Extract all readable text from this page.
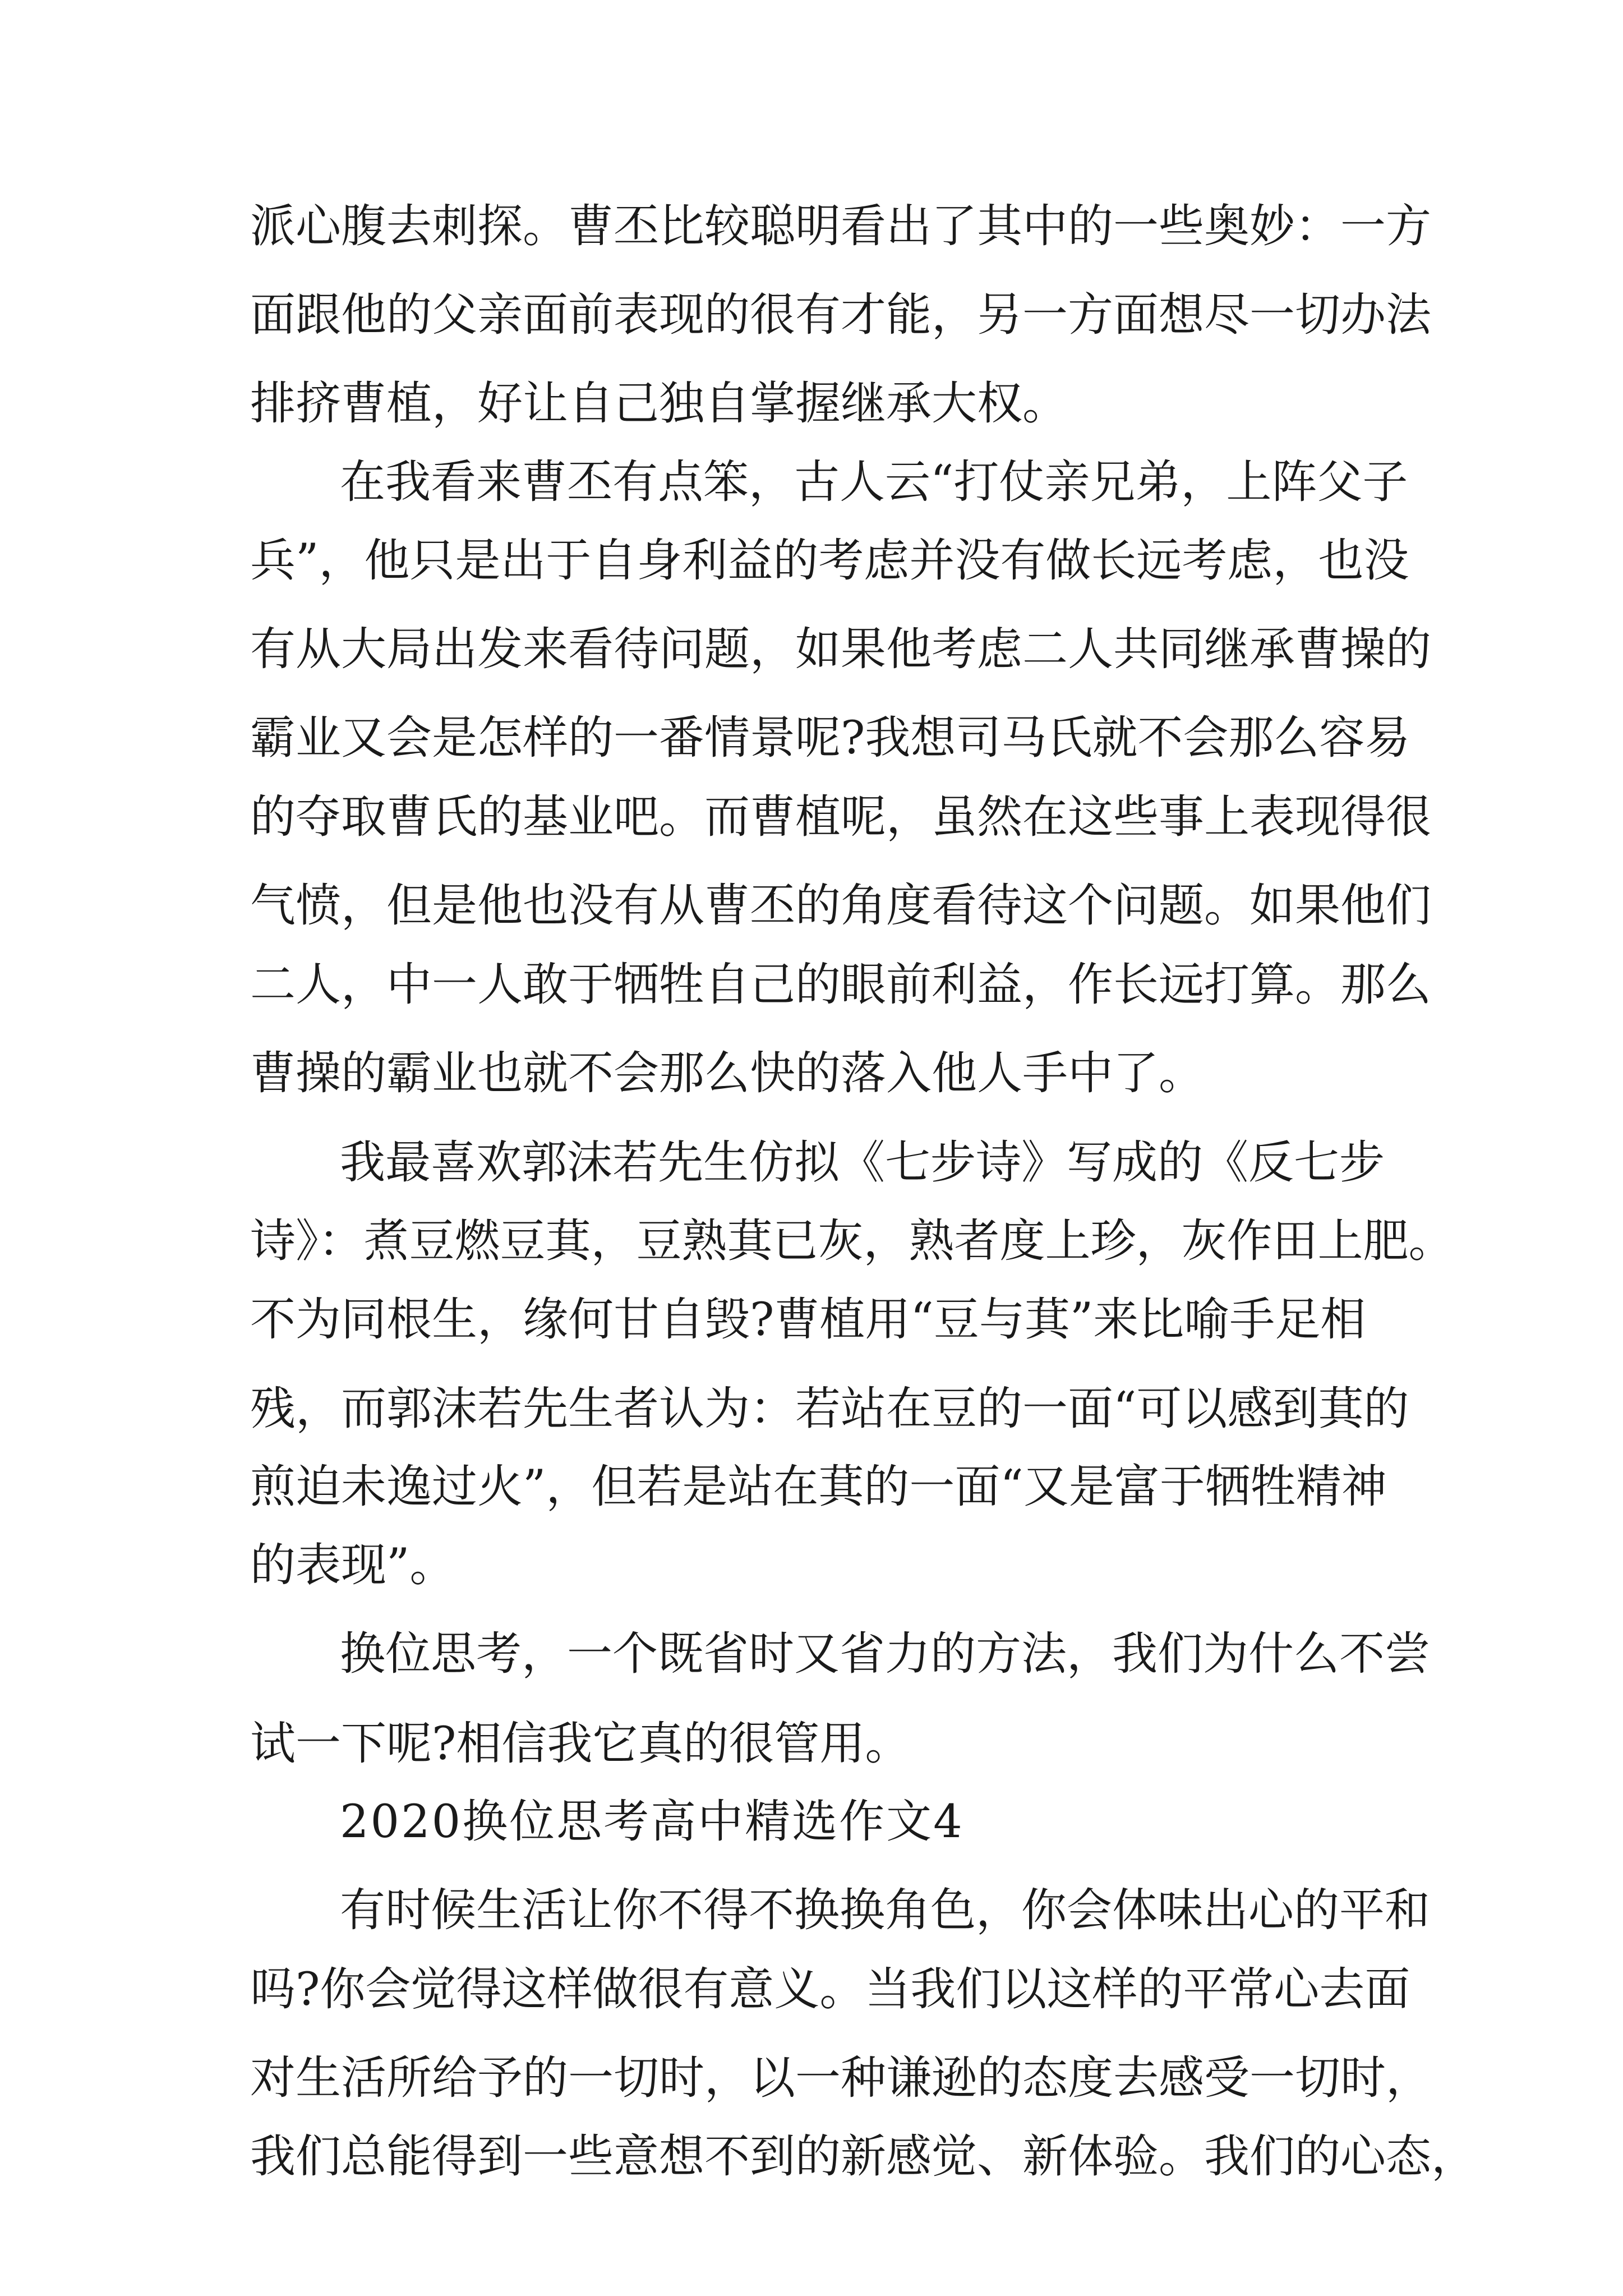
派心腹去刺探。曹丕比较聪明看出了其中的一些奥妙：一方
面跟他的父亲面前表现的很有才能，另一方面想尽一切办法
排挤曹植，好让自己独自掌握继承大权。
在我看来曹丕有点笨，古人云“打仗亲兄弟，上阵父子
兵”，他只是出于自身利益的考虑并没有做长远考虑，也没
有从大局出发来看待问题，如果他考虑二人共同继承曹操的
霸业又会是怎样的一番情景呢?我想司马氏就不会那么容易
的夺取曹氏的基业吧。而曹植呢，虽然在这些事上表现得很
气愤，但是他也没有从曹丕的角度看待这个问题。如果他们
二人，中一人敢于牺牲自己的眼前利益，作长远打算。那么
曹操的霸业也就不会那么快的落入他人手中了。
我最喜欢郭沫若先生仿拟《七步诗》写成的《反七步
诗》：煮豆燃豆萁，豆熟萁已灰，熟者度上珍，灰作田上肥。
不为同根生，缘何甘自毁?曹植用“豆与萁”来比喻手足相
残，而郭沫若先生者认为：若站在豆的一面“可以感到萁的
煎迫未逸过火”，但若是站在萁的一面“又是富于牺牲精神
的表现”。
换位思考，一个既省时又省力的方法，我们为什么不尝
试一下呢?相信我它真的很管用。
2020换位思考高中精选作文4
有时候生活让你不得不换换角色，你会体味出心的平和
吗?你会觉得这样做很有意义。当我们以这样的平常心去面
对生活所给予的一切时，以一种谦逊的态度去感受一切时，
我们总能得到一些意想不到的新感觉、新体验。我们的心态，
